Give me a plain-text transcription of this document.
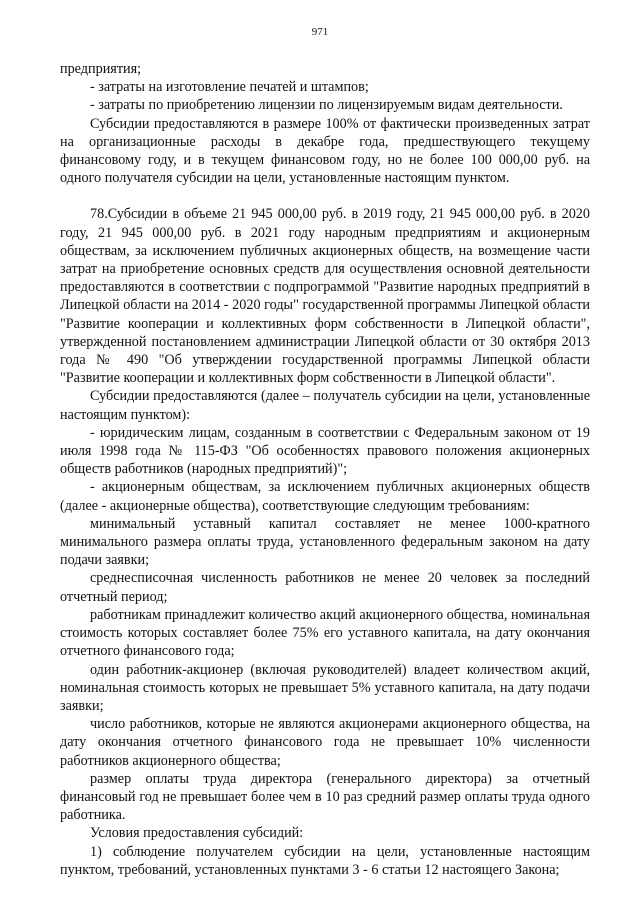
971

предприятия;

- затраты на изготовление печатей и штампов;

- затраты по приобретению лицензии по лицензируемым видам деятельности.

Субсидии предоставляются в размере 100% от фактически произведенных затрат на организационные расходы в декабре года, предшествующего текущему финансовому году, и в текущем финансовом году, но не более 100 000,00 руб. на одного получателя субсидии на цели, установленные настоящим пунктом.

78.Субсидии в объеме 21 945 000,00 руб. в 2019 году, 21 945 000,00 руб. в 2020 году, 21 945 000,00 руб. в 2021 году народным предприятиям и акционерным обществам, за исключением публичных акционерных обществ, на возмещение части затрат на приобретение основных средств для осуществления основной деятельности предоставляются в соответствии с подпрограммой "Развитие народных предприятий в Липецкой области на 2014 - 2020 годы" государственной программы Липецкой области "Развитие кооперации и коллективных форм собственности в Липецкой области", утвержденной постановлением администрации Липецкой области от 30 октября 2013 года № 490 "Об утверждении государственной программы Липецкой области "Развитие кооперации и коллективных форм собственности в Липецкой области".

Субсидии предоставляются (далее – получатель субсидии на цели, установленные настоящим пунктом):

- юридическим лицам, созданным в соответствии с Федеральным законом от 19 июля 1998 года № 115-ФЗ "Об особенностях правового положения акционерных обществ работников (народных предприятий)";

- акционерным обществам, за исключением публичных акционерных обществ (далее - акционерные общества), соответствующие следующим требованиям:

минимальный уставный капитал составляет не менее 1000-кратного минимального размера оплаты труда, установленного федеральным законом на дату подачи заявки;

среднесписочная численность работников не менее 20 человек за последний отчетный период;

работникам принадлежит количество акций акционерного общества, номинальная стоимость которых составляет более 75% его уставного капитала, на дату окончания отчетного финансового года;

один работник-акционер (включая руководителей) владеет количеством акций, номинальная стоимость которых не превышает 5% уставного капитала, на дату подачи заявки;

число работников, которые не являются акционерами акционерного общества, на дату окончания отчетного финансового года не превышает 10% численности работников акционерного общества;

размер оплаты труда директора (генерального директора) за отчетный финансовый год не превышает более чем в 10 раз средний размер оплаты труда одного работника.

Условия предоставления субсидий:

1) соблюдение получателем субсидии на цели, установленные настоящим пунктом, требований, установленных пунктами 3 - 6 статьи 12 настоящего Закона;
